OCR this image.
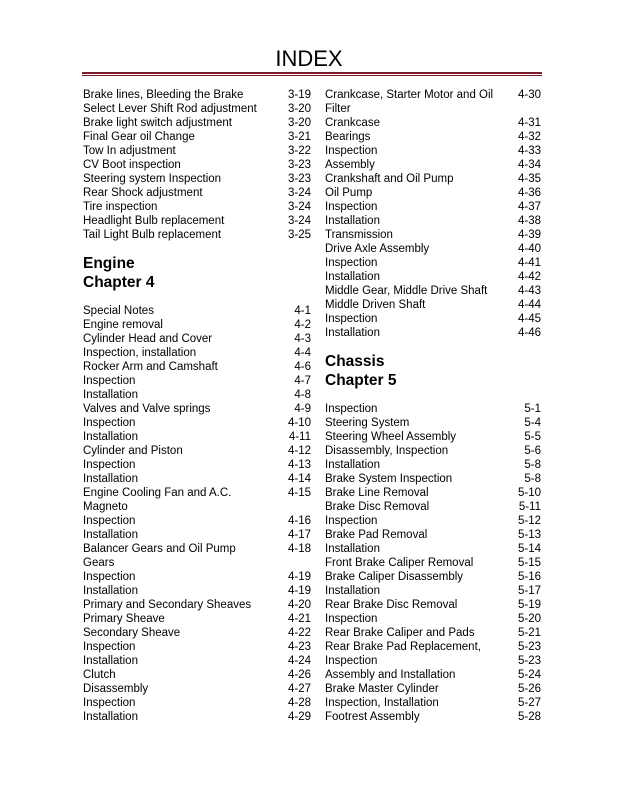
INDEX
Brake lines, Bleeding the Brake	3-19
Select Lever Shift Rod adjustment	3-20
Brake light switch adjustment	3-20
Final Gear oil Change	3-21
Tow In adjustment	3-22
CV Boot inspection	3-23
Steering system Inspection	3-23
Rear Shock adjustment	3-24
Tire inspection	3-24
Headlight Bulb replacement	3-24
Tail Light Bulb replacement	3-25
Engine
Chapter 4
Special Notes	4-1
Engine removal	4-2
Cylinder Head and Cover	4-3
Inspection, installation	4-4
Rocker Arm and Camshaft	4-6
Inspection	4-7
Installation	4-8
Valves and Valve springs	4-9
Inspection	4-10
Installation	4-11
Cylinder and Piston	4-12
Inspection	4-13
Installation	4-14
Engine Cooling Fan and A.C.	4-15
Magneto
Inspection	4-16
Installation	4-17
Balancer Gears and Oil Pump	4-18
Gears
Inspection	4-19
Installation	4-19
Primary and Secondary Sheaves	4-20
Primary Sheave	4-21
Secondary Sheave	4-22
Inspection	4-23
Installation	4-24
Clutch	4-26
Disassembly	4-27
Inspection	4-28
Installation	4-29
Crankcase, Starter Motor and Oil 4-30
Filter
Crankcase	4-31
Bearings	4-32
Inspection	4-33
Assembly	4-34
Crankshaft and Oil Pump	4-35
Oil Pump	4-36
Inspection	4-37
Installation	4-38
Transmission	4-39
Drive Axle Assembly	4-40
Inspection	4-41
Installation	4-42
Middle Gear, Middle Drive Shaft	4-43
Middle Driven Shaft	4-44
Inspection	4-45
Installation	4-46
Chassis
Chapter 5
Inspection	5-1
Steering System	5-4
Steering Wheel Assembly	5-5
Disassembly, Inspection	5-6
Installation	5-8
Brake System Inspection	5-8
Brake Line Removal	5-10
Brake Disc Removal	5-11
Inspection	5-12
Brake Pad Removal	5-13
Installation	5-14
Front Brake Caliper Removal	5-15
Brake Caliper Disassembly	5-16
Installation	5-17
Rear Brake Disc Removal	5-19
Inspection	5-20
Rear Brake Caliper and Pads	5-21
Rear Brake Pad Replacement,	5-23
Inspection	5-23
Assembly and Installation	5-24
Brake Master Cylinder	5-26
Inspection, Installation	5-27
Footrest Assembly	5-28
